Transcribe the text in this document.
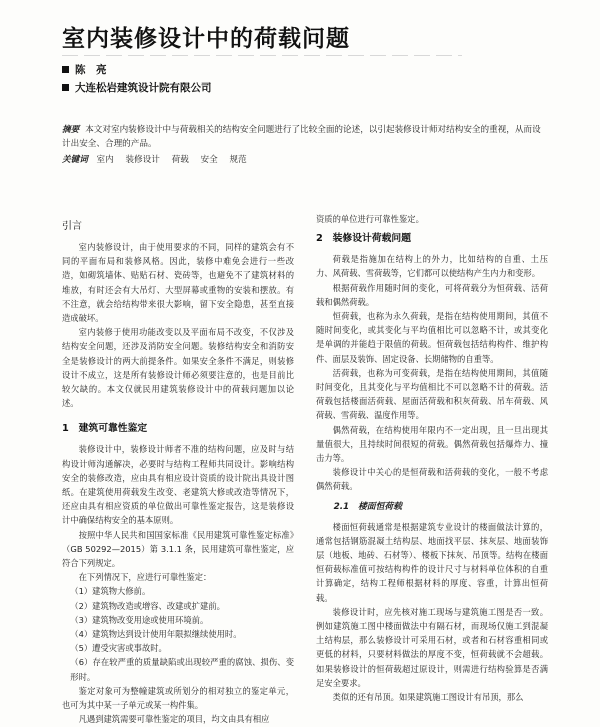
室内装修设计中的荷载问题
陈　亮
大连松岩建筑设计院有限公司

摘要 本文对室内装修设计中与荷载相关的结构安全问题进行了比较全面的论述，以引起装修设计师对结构安全的重视，从而设计出安全、合理的产品。

关键词 室内 装修设计 荷载 安全 规范

引言

室内装修设计，由于使用要求的不同，同样的建筑会有不同的平面布局和装修风格。因此，装修中难免会进行一些改造，如砌筑墙体、贴贴石材、瓷砖等，也避免不了建筑材料的堆放，有时还会有大吊灯、大型屏幕或重物的安装和摆放。有不注意，就会给结构带来很大影响，留下安全隐患，甚至直接造成破坏。

室内装修于使用功能改变以及平面布局不改变，不仅涉及结构安全问题，还涉及消防安全问题。装修结构安全和消防安全是装修设计的两大前提条件。如果安全条件不满足，则装修设计不成立，这是所有装修设计师必须要注意的，也是目前比较欠缺的。本文仅就民用建筑装修设计中的荷载问题加以论述。

1　建筑可靠性鉴定

装修设计中，装修设计师者不准的结构问题，应及时与结构设计师沟通解决，必要时与结构工程师共同设计。影响结构安全的装修改造，应由具有相应设计资质的设计院出具设计图纸。在建筑使用荷载发生改变、老建筑大修或改造等情况下，还应由具有相应资质的单位做出可靠性鉴定报告，这是装修设计中确保结构安全的基本原则。

按照中华人民共和国国家标准《民用建筑可靠性鉴定标准》（GB 50292—2015）第 3.1.1 条，民用建筑可靠性鉴定，应符合下列规定。

在下列情况下，应进行可靠性鉴定：

（1）建筑物大修前。

（2）建筑物改造或增容、改建或扩建前。

（3）建筑物改变用途或使用环境前。

（4）建筑物达到设计使用年限拟继续使用时。

（5）遭受灾害或事故时。

（6）存在较严重的质量缺陷或出现较严重的腐蚀、损伤、变形时。

鉴定对象可为整幢建筑或所划分的相对独立的鉴定单元，也可为其中某一子单元或某一构件集。

凡遇到建筑需要可靠性鉴定的项目，均文由具有相应

资质的单位进行可靠性鉴定。

2　装修设计荷载问题

荷载是指施加在结构上的外力，比如结构的自重、土压力、风荷载、雪荷载等，它们都可以使结构产生内力和变形。

根据荷载作用随时间的变化，可将荷载分为恒荷载、活荷载和偶然荷载。

恒荷载，也称为永久荷载，是指在结构使用期间，其值不随时间变化，或其变化与平均值相比可以忽略不计，或其变化是单调的并能趋于限值的荷载。恒荷载包括结构构件、维护构件、面层及装饰、固定设备、长期储物的自重等。

活荷载，也称为可变荷载，是指在结构使用期间，其值随时间变化，且其变化与平均值相比不可以忽略不计的荷载。活荷载包括楼面活荷载、屋面活荷载和积灰荷载、吊车荷载、风荷载、雪荷载、温度作用等。

偶然荷载，在结构使用年限内不一定出现，且一旦出现其量值很大，且持续时间很短的荷载。偶然荷载包括爆炸力、撞击力等。

装修设计中关心的是恒荷载和活荷载的变化，一般不考虑偶然荷载。

2.1　楼面恒荷载

楼面恒荷载通常是根据建筑专业设计的楼面做法计算的，通常包括钢筋混凝土结构层、地面找平层、抹灰层、地面装饰层（地板、地砖、石材等）、楼板下抹灰、吊顶等。结构在楼面恒荷载标准值可按结构构件的设计尺寸与材料单位体积的自重计算确定，结构工程师根据材料的厚度、容重，计算出恒荷载。

装修设计时，应先核对施工现场与建筑施工图是否一致。例如建筑施工图中楼面做法中有隔石材，而现场仅施工到混凝土结构层，那么装修设计可采用石材，或者和石材容重相同或更低的材料，只要材料做法的厚度不变，恒荷载就不会超载。如果装修设计的恒荷载超过原设计，则需进行结构验算是否满足安全要求。

类似的还有吊顶。如果建筑施工图设计有吊顶，那么
